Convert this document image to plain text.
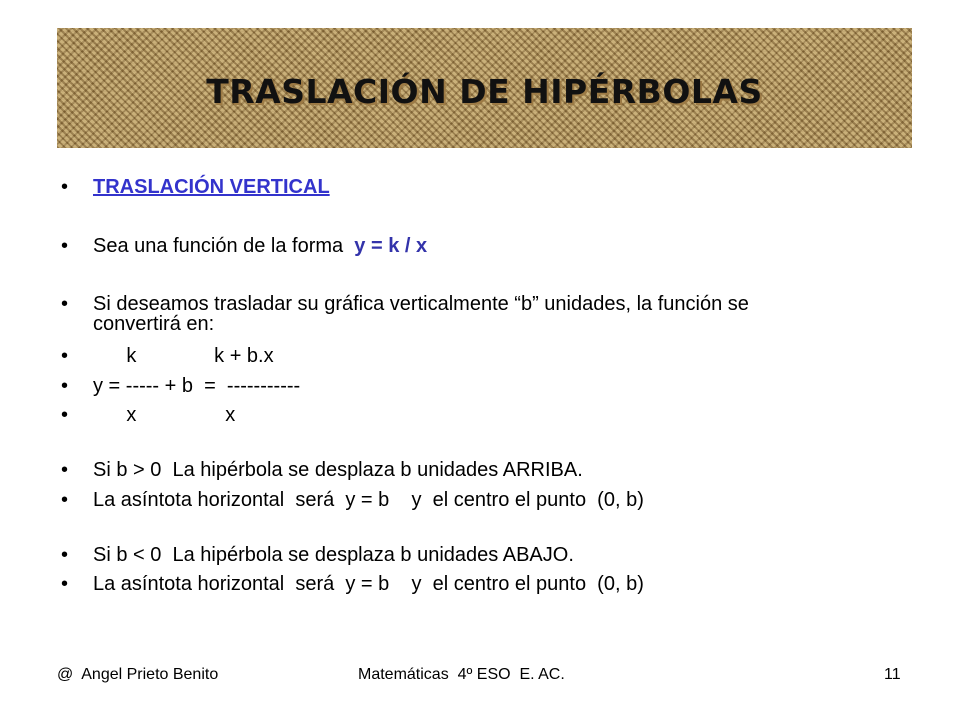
TRASLACIÓN DE HIPÉRBOLAS
• TRASLACIÓN VERTICAL
• Sea una función de la forma  y = k / x
• Si deseamos trasladar su gráfica verticalmente “b” unidades, la función se
convertirá en:
• k              k + b.x
• y = ----- + b  =  -----------
• x                x
• Si b > 0  La hipérbola se desplaza b unidades ARRIBA.
• La asíntota horizontal  será  y = b    y  el centro el punto  (0, b)
• Si b < 0  La hipérbola se desplaza b unidades ABAJO.
• La asíntota horizontal  será  y = b    y  el centro el punto  (0, b)
@  Angel Prieto Benito	Matemáticas  4º ESO  E. AC.	11
